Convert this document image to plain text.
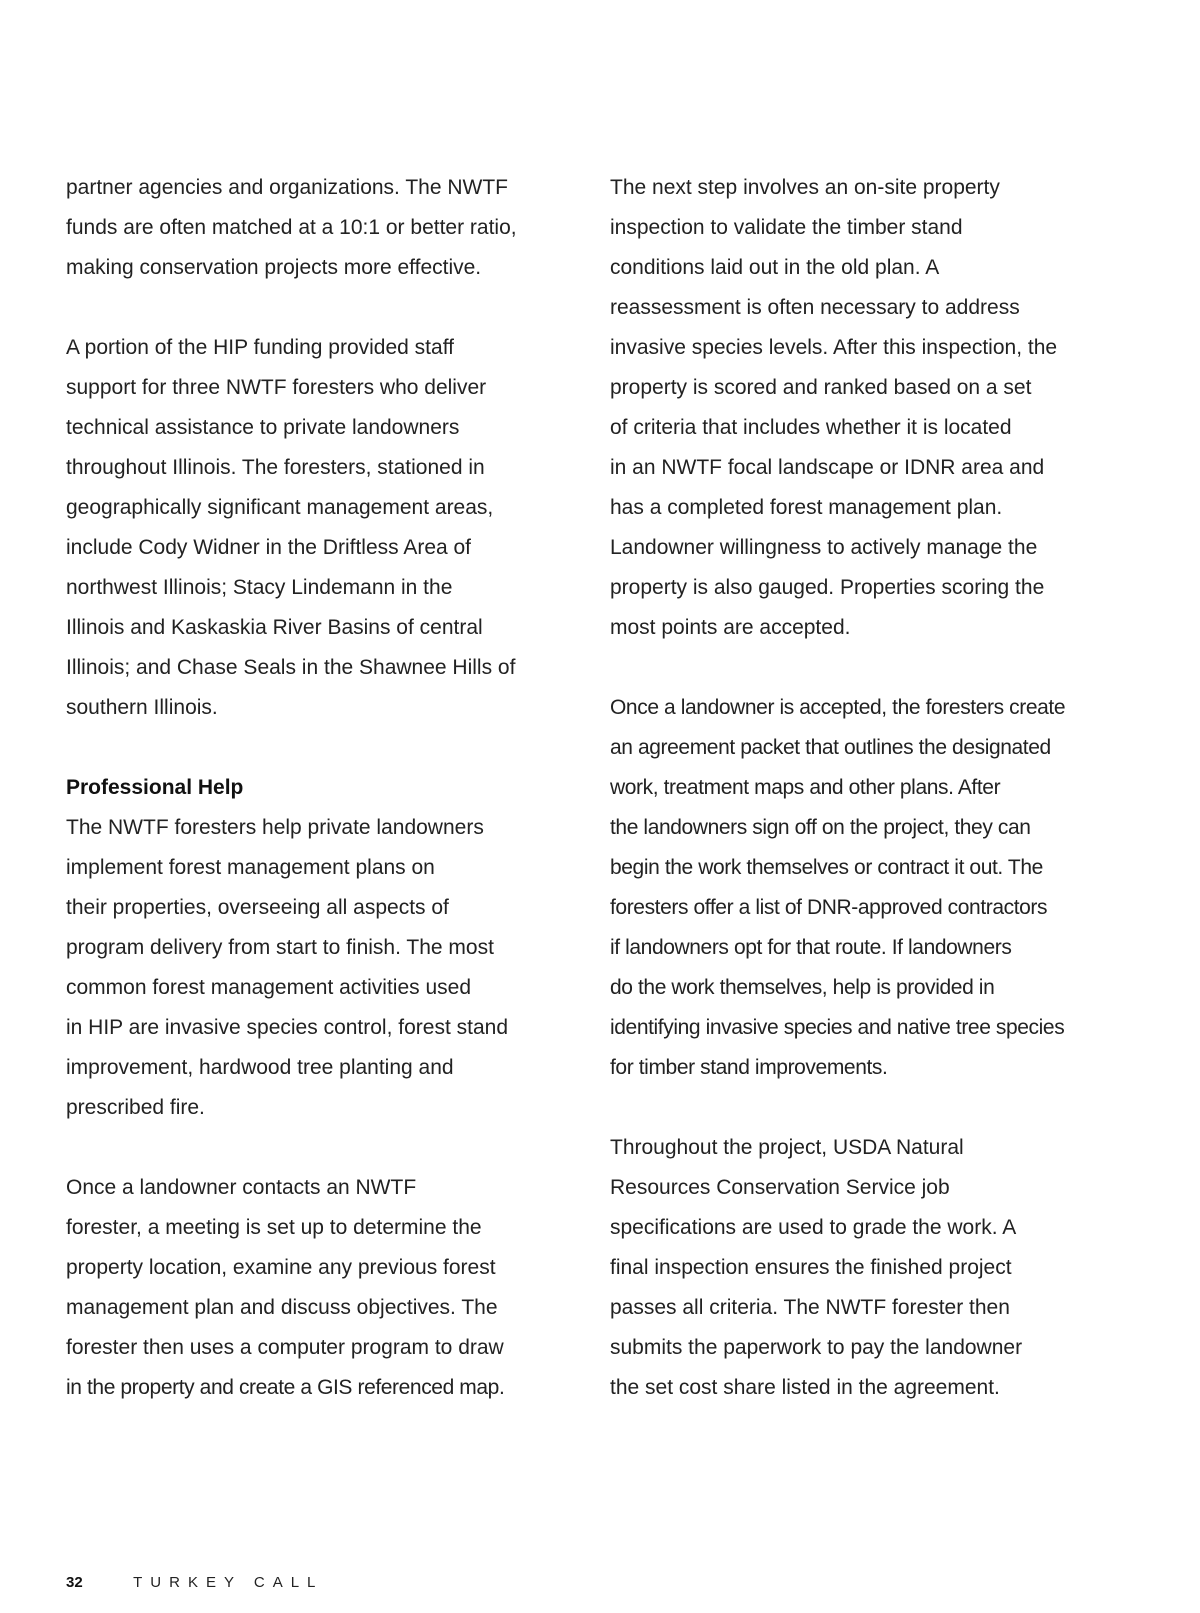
partner agencies and organizations. The NWTF
funds are often matched at a 10:1 or better ratio,
making conservation projects more effective.
A portion of the HIP funding provided staff
support for three NWTF foresters who deliver
technical assistance to private landowners
throughout Illinois. The foresters, stationed in
geographically significant management areas,
include Cody Widner in the Driftless Area of
northwest Illinois; Stacy Lindemann in the
Illinois and Kaskaskia River Basins of central
Illinois; and Chase Seals in the Shawnee Hills of
southern Illinois.
Professional Help
The NWTF foresters help private landowners
implement forest management plans on
their properties, overseeing all aspects of
program delivery from start to finish. The most
common forest management activities used
in HIP are invasive species control, forest stand
improvement, hardwood tree planting and
prescribed fire.
Once a landowner contacts an NWTF
forester, a meeting is set up to determine the
property location, examine any previous forest
management plan and discuss objectives. The
forester then uses a computer program to draw
in the property and create a GIS referenced map.
The next step involves an on-site property
inspection to validate the timber stand
conditions laid out in the old plan. A
reassessment is often necessary to address
invasive species levels. After this inspection, the
property is scored and ranked based on a set
of criteria that includes whether it is located
in an NWTF focal landscape or IDNR area and
has a completed forest management plan.
Landowner willingness to actively manage the
property is also gauged. Properties scoring the
most points are accepted.
Once a landowner is accepted, the foresters create
an agreement packet that outlines the designated
work, treatment maps and other plans. After
the landowners sign off on the project, they can
begin the work themselves or contract it out. The
foresters offer a list of DNR-approved contractors
if landowners opt for that route. If landowners
do the work themselves, help is provided in
identifying invasive species and native tree species
for timber stand improvements.
Throughout the project, USDA Natural
Resources Conservation Service job
specifications are used to grade the work. A
final inspection ensures the finished project
passes all criteria. The NWTF forester then
submits the paperwork to pay the landowner
the set cost share listed in the agreement.
32	TURKEY CALL
